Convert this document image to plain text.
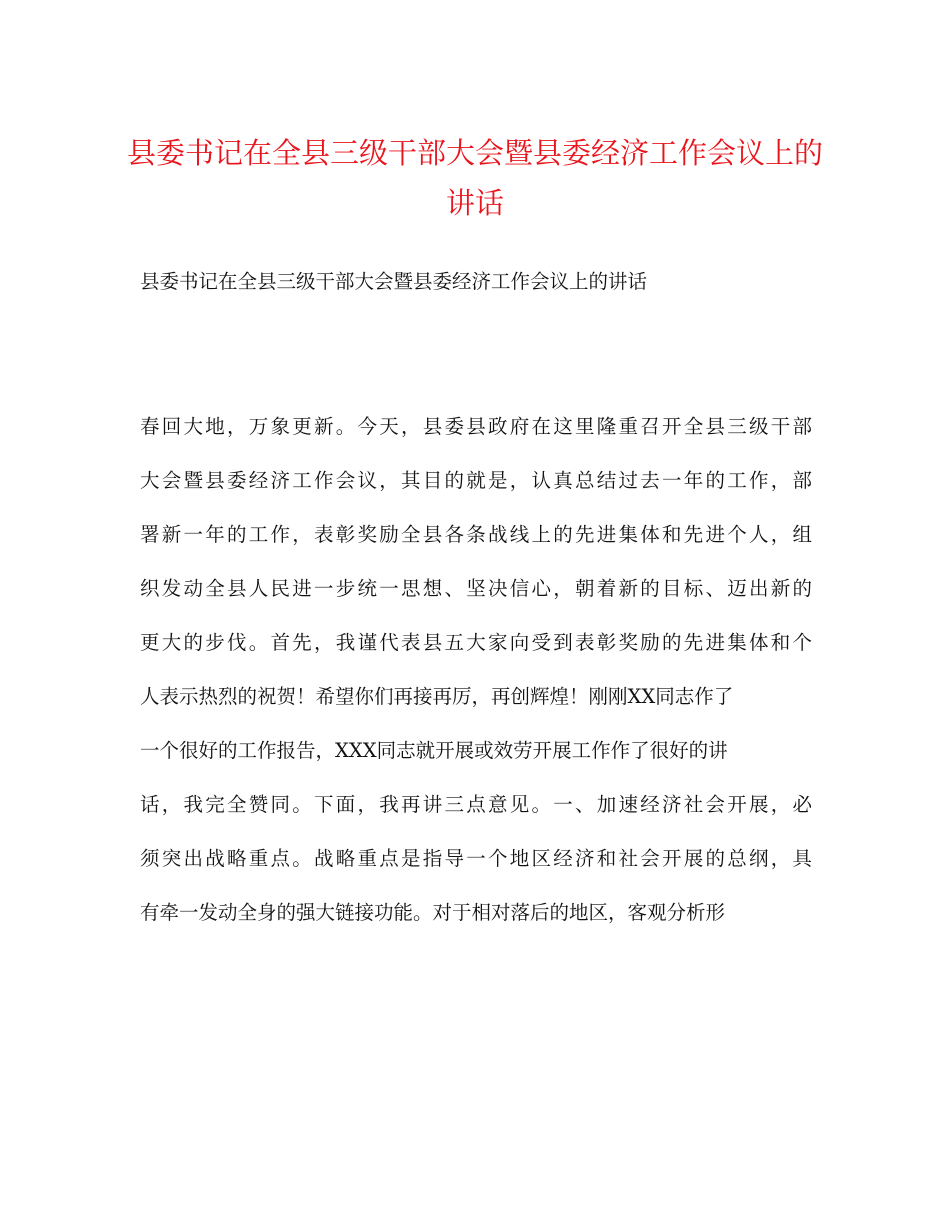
县委书记在全县三级干部大会暨县委经济工作会议上的讲话

县委书记在全县三级干部大会暨县委经济工作会议上的讲话

春回大地，万象更新。今天，县委县政府在这里隆重召开全县三级干部
大会暨县委经济工作会议，其目的就是，认真总结过去一年的工作，部
署新一年的工作，表彰奖励全县各条战线上的先进集体和先进个人，组
织发动全县人民进一步统一思想、坚决信心，朝着新的目标、迈出新的
更大的步伐。首先，我谨代表县五大家向受到表彰奖励的先进集体和个
人表示热烈的祝贺！希望你们再接再厉，再创辉煌！刚刚XX同志作了
一个很好的工作报告，XXX同志就开展或效劳开展工作作了很好的讲
话，我完全赞同。下面，我再讲三点意见。一、加速经济社会开展，必
须突出战略重点。战略重点是指导一个地区经济和社会开展的总纲，具
有牵一发动全身的强大链接功能。对于相对落后的地区，客观分析形
